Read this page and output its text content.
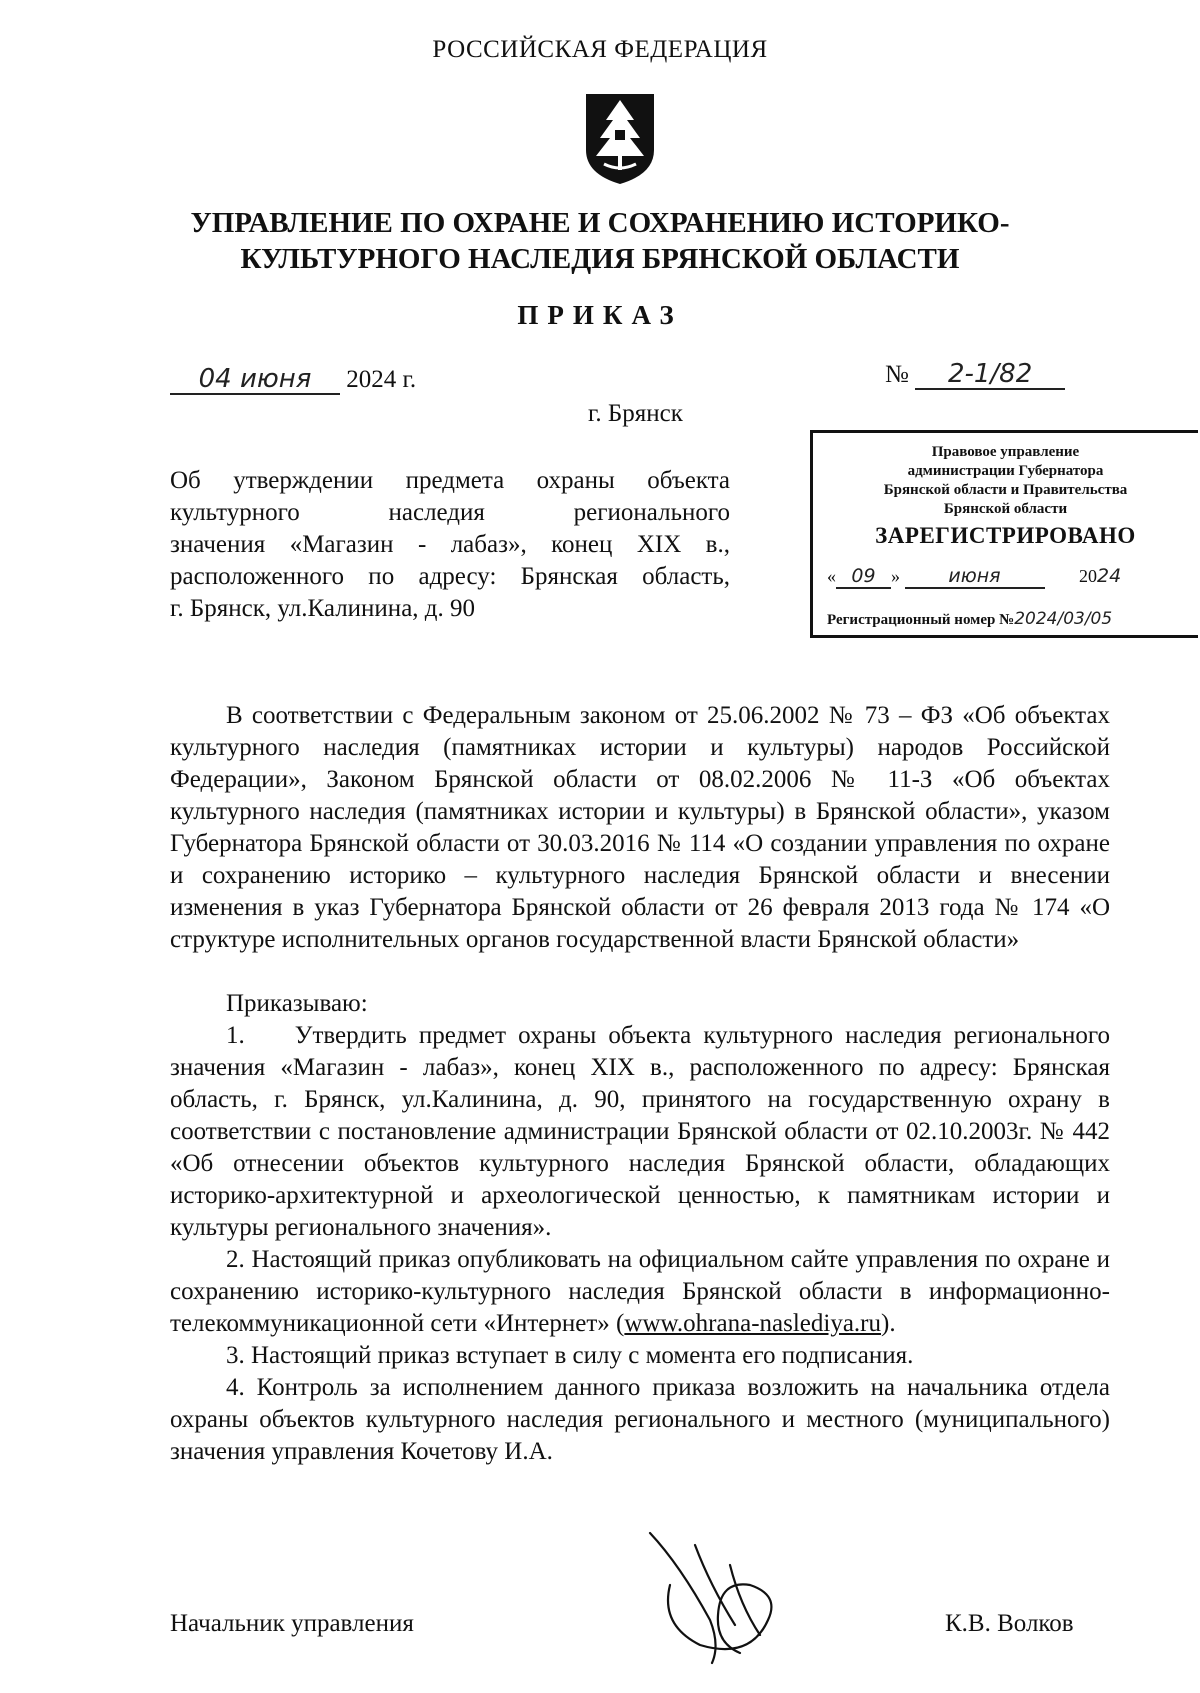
РОССИЙСКАЯ ФЕДЕРАЦИЯ
УПРАВЛЕНИЕ ПО ОХРАНЕ И СОХРАНЕНИЮ ИСТОРИКО-
КУЛЬТУРНОГО НАСЛЕДИЯ БРЯНСКОЙ ОБЛАСТИ
ПРИКАЗ
04 июня 2024 г.	№ 2-1/82
г. Брянск
Об утверждении предмета охраны объекта
культурного наследия регионального
значения «Магазин - лабаз», конец XIX в.,
расположенного по адресу: Брянская область,
г. Брянск, ул.Калинина, д. 90
Правовое управление
администрации Губернатора
Брянской области и Правительства
Брянской области
ЗАРЕГИСТРИРОВАНО
« 09 » июня	2024
Регистрационный номер №2024/03/05

В соответствии с Федеральным законом от 25.06.2002 № 73 – ФЗ «Об объектах культурного наследия (памятниках истории и культуры) народов Российской Федерации», Законом Брянской области от 08.02.2006 № 11-З «Об объектах культурного наследия (памятниках истории и культуры) в Брянской области», указом Губернатора Брянской области от 30.03.2016 № 114 «О создании управления по охране и сохранению историко – культурного наследия Брянской области и внесении изменения в указ Губернатора Брянской области от 26 февраля 2013 года № 174 «О структуре исполнительных органов государственной власти Брянской области»

Приказываю:

1.  Утвердить предмет охраны объекта культурного наследия регионального значения «Магазин - лабаз», конец XIX в., расположенного по адресу: Брянская область, г. Брянск, ул.Калинина, д. 90, принятого на государственную охрану в соответствии с постановление администрации Брянской области от 02.10.2003г. № 442 «Об отнесении объектов культурного наследия Брянской области, обладающих историко-архитектурной и археологической ценностью, к памятникам истории и культуры регионального значения».

2. Настоящий приказ опубликовать на официальном сайте управления по охране и сохранению историко-культурного наследия Брянской области в информационно-телекоммуникационной сети «Интернет» (www.ohrana-naslediya.ru).

3. Настоящий приказ вступает в силу с момента его подписания.

4. Контроль за исполнением данного приказа возложить на начальника отдела охраны объектов культурного наследия регионального и местного (муниципального) значения управления Кочетову И.А.

Начальник управления	К.В. Волков
